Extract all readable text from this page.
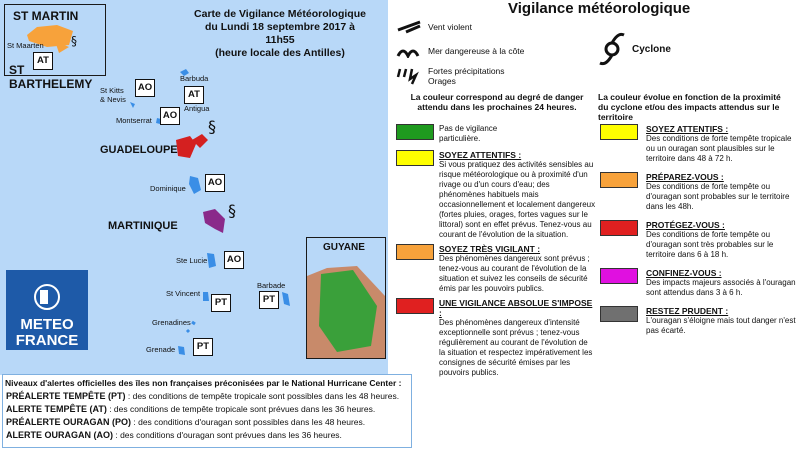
§
§
ST MARTIN
§
St Maarten
AT
ST BARTHELEMY
Carte de Vigilance Météorologique
du Lundi 18 septembre 2017 à 11h55
(heure locale des Antilles)
Barbuda
AT
Antigua
St Kitts
& Nevis
AO
AO
Montserrat
GUADELOUPE
Dominique
AO
MARTINIQUE
Ste Lucie	AO
St Vincent
PT
Barbade
PT
Grenadines
Grenade	PT
METEO
FRANCE
GUYANE
Niveaux d'alertes officielles des îles non françaises préconisées par le National Hurricane Center :
PRÉALERTE TEMPÊTE (PT) : des conditions de tempête tropicale sont possibles dans les 48 heures.
ALERTE TEMPÊTE (AT) : des conditions de tempête tropicale sont prévues dans les 36 heures.
PRÉALERTE OURAGAN (PO) : des conditions d'ouragan sont possibles dans les 48 heures.
ALERTE OURAGAN (AO) : des conditions d'ouragan sont prévues dans les 36 heures.
Vigilance météorologique
Vent violent
Mer dangereuse à la côte
Fortes précipitations
Orages
Cyclone
La couleur correspond au degré de danger attendu dans les prochaines 24 heures.
La couleur évolue en fonction de la proximité du cyclone et/ou des impacts attendus sur le territoire
Pas de vigilance
particulière.
SOYEZ ATTENTIFS :
Si vous pratiquez des activités sensibles au risque météorologique ou à proximité d'un rivage ou d'un cours d'eau; des phénomènes habituels mais occasionnellement et localement dangereux (fortes pluies, orages, fortes vagues sur le littoral) sont en effet prévus. Tenez-vous au courant de l'évolution de la situation.
SOYEZ TRÈS VIGILANT :
Des phénomènes dangereux sont prévus ; tenez-vous au courant de l'évolution de la situation et suivez les conseils de sécurité émis par les pouvoirs publics.
UNE VIGILANCE ABSOLUE S'IMPOSE :
Des phénomènes dangereux d'intensité exceptionnelle sont prévus ; tenez-vous régulièrement au courant de l'évolution de la situation et respectez impérativement les consignes de sécurité émises par les pouvoirs publics.
SOYEZ ATTENTIFS :
Des conditions de forte tempête tropicale ou un ouragan sont plausibles sur le territoire dans 48 à 72 h.
PRÉPAREZ-VOUS :
Des conditions de forte tempête ou d'ouragan sont probables sur le territoire dans les 48h.
PROTÉGEZ-VOUS :
Des conditions de forte tempête ou d'ouragan sont très probables sur le territoire dans 6 à 18 h.
CONFINEZ-VOUS :
Des impacts majeurs associés à l'ouragan sont attendus dans 3 à 6 h.
RESTEZ PRUDENT :
L'ouragan s'éloigne mais tout danger n'est pas écarté.
